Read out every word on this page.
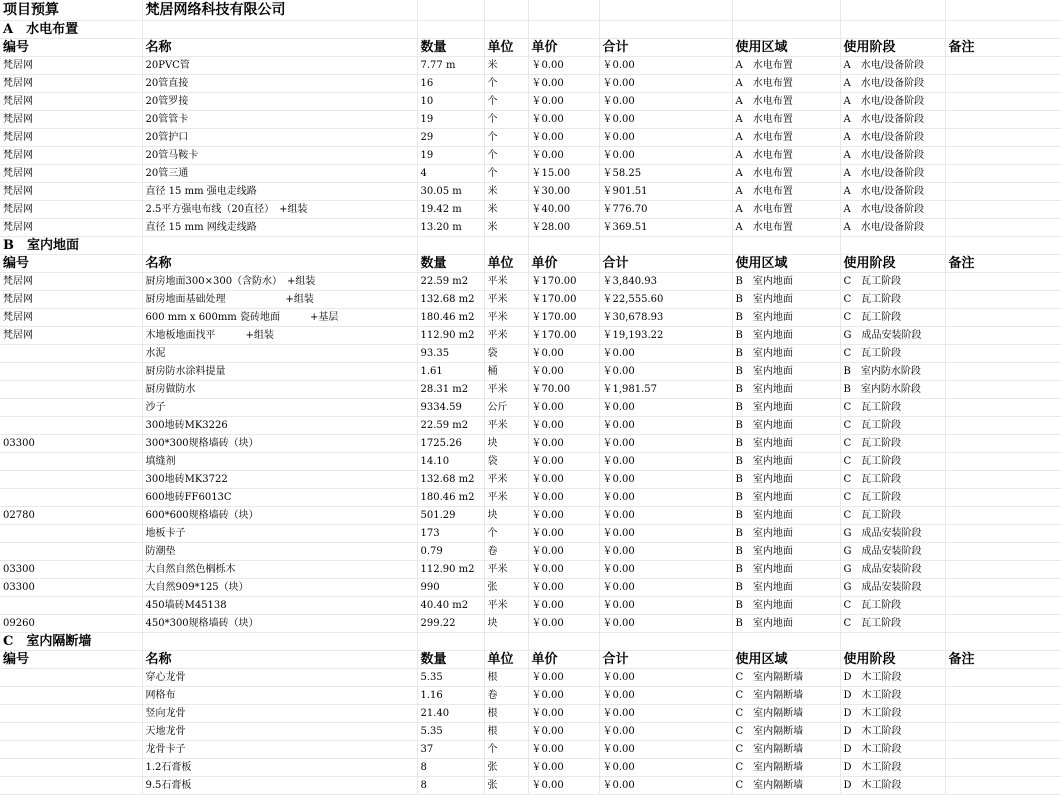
项目预算	梵居网络科技有限公司							
A　水电布置								
编号	名称	数量	单位	单价	合计	使用区域	使用阶段	备注
梵居网	20PVC管	7.77 m	米	￥0.00	￥0.00	A　水电布置	A　水电/设备阶段	
梵居网	20管直接	16	个	￥0.00	￥0.00	A　水电布置	A　水电/设备阶段	
梵居网	20管罗接	10	个	￥0.00	￥0.00	A　水电布置	A　水电/设备阶段	
梵居网	20管管卡	19	个	￥0.00	￥0.00	A　水电布置	A　水电/设备阶段	
梵居网	20管护口	29	个	￥0.00	￥0.00	A　水电布置	A　水电/设备阶段	
梵居网	20管马鞍卡	19	个	￥0.00	￥0.00	A　水电布置	A　水电/设备阶段	
梵居网	20管三通	4	个	￥15.00	￥58.25	A　水电布置	A　水电/设备阶段	
梵居网	直径 15 mm 强电走线路	30.05 m	米	￥30.00	￥901.51	A　水电布置	A　水电/设备阶段	
梵居网	2.5平方强电布线（20直径）　+组装	19.42 m	米	￥40.00	￥776.70	A　水电布置	A　水电/设备阶段	
梵居网	直径 15 mm 网线走线路	13.20 m	米	￥28.00	￥369.51	A　水电布置	A　水电/设备阶段	
B　室内地面								
编号	名称	数量	单位	单价	合计	使用区域	使用阶段	备注
梵居网	厨房地面300×300（含防水）　+组装	22.59 m2	平米	￥170.00	￥3,840.93	B　室内地面	C　瓦工阶段	
梵居网	厨房地面基础处理　　　　　　+组装	132.68 m2	平米	￥170.00	￥22,555.60	B　室内地面	C　瓦工阶段	
梵居网	600 mm x 600mm 瓷砖地面　　　+基层	180.46 m2	平米	￥170.00	￥30,678.93	B　室内地面	C　瓦工阶段	
梵居网	木地板地面找平　　　+组装	112.90 m2	平米	￥170.00	￥19,193.22	B　室内地面	G　成品安装阶段	
	水泥	93.35	袋	￥0.00	￥0.00	B　室内地面	C　瓦工阶段	
	厨房防水涂料提量	1.61	桶	￥0.00	￥0.00	B　室内地面	B　室内防水阶段	
	厨房做防水	28.31 m2	平米	￥70.00	￥1,981.57	B　室内地面	B　室内防水阶段	
	沙子	9334.59	公斤	￥0.00	￥0.00	B　室内地面	C　瓦工阶段	
	300地砖MK3226	22.59 m2	平米	￥0.00	￥0.00	B　室内地面	C　瓦工阶段	
03300	300*300规格墙砖（块）	1725.26	块	￥0.00	￥0.00	B　室内地面	C　瓦工阶段	
	填缝剂	14.10	袋	￥0.00	￥0.00	B　室内地面	C　瓦工阶段	
	300地砖MK3722	132.68 m2	平米	￥0.00	￥0.00	B　室内地面	C　瓦工阶段	
	600地砖FF6013C	180.46 m2	平米	￥0.00	￥0.00	B　室内地面	C　瓦工阶段	
02780	600*600规格墙砖（块）	501.29	块	￥0.00	￥0.00	B　室内地面	C　瓦工阶段	
	地板卡子	173	个	￥0.00	￥0.00	B　室内地面	G　成品安装阶段	
	防潮垫	0.79	卷	￥0.00	￥0.00	B　室内地面	G　成品安装阶段	
03300	大自然自然色榈栎木	112.90 m2	平米	￥0.00	￥0.00	B　室内地面	G　成品安装阶段	
03300	大自然909*125（块）	990	张	￥0.00	￥0.00	B　室内地面	G　成品安装阶段	
	450墙砖M45138	40.40 m2	平米	￥0.00	￥0.00	B　室内地面	C　瓦工阶段	
09260	450*300规格墙砖（块）	299.22	块	￥0.00	￥0.00	B　室内地面	C　瓦工阶段	
C　室内隔断墙								
编号	名称	数量	单位	单价	合计	使用区域	使用阶段	备注
	穿心龙骨	5.35	根	￥0.00	￥0.00	C　室内隔断墙	D　木工阶段	
	网格布	1.16	卷	￥0.00	￥0.00	C　室内隔断墙	D　木工阶段	
	竖向龙骨	21.40	根	￥0.00	￥0.00	C　室内隔断墙	D　木工阶段	
	天地龙骨	5.35	根	￥0.00	￥0.00	C　室内隔断墙	D　木工阶段	
	龙骨卡子	37	个	￥0.00	￥0.00	C　室内隔断墙	D　木工阶段	
	1.2石膏板	8	张	￥0.00	￥0.00	C　室内隔断墙	D　木工阶段	
	9.5石膏板	8	张	￥0.00	￥0.00	C　室内隔断墙	D　木工阶段	
